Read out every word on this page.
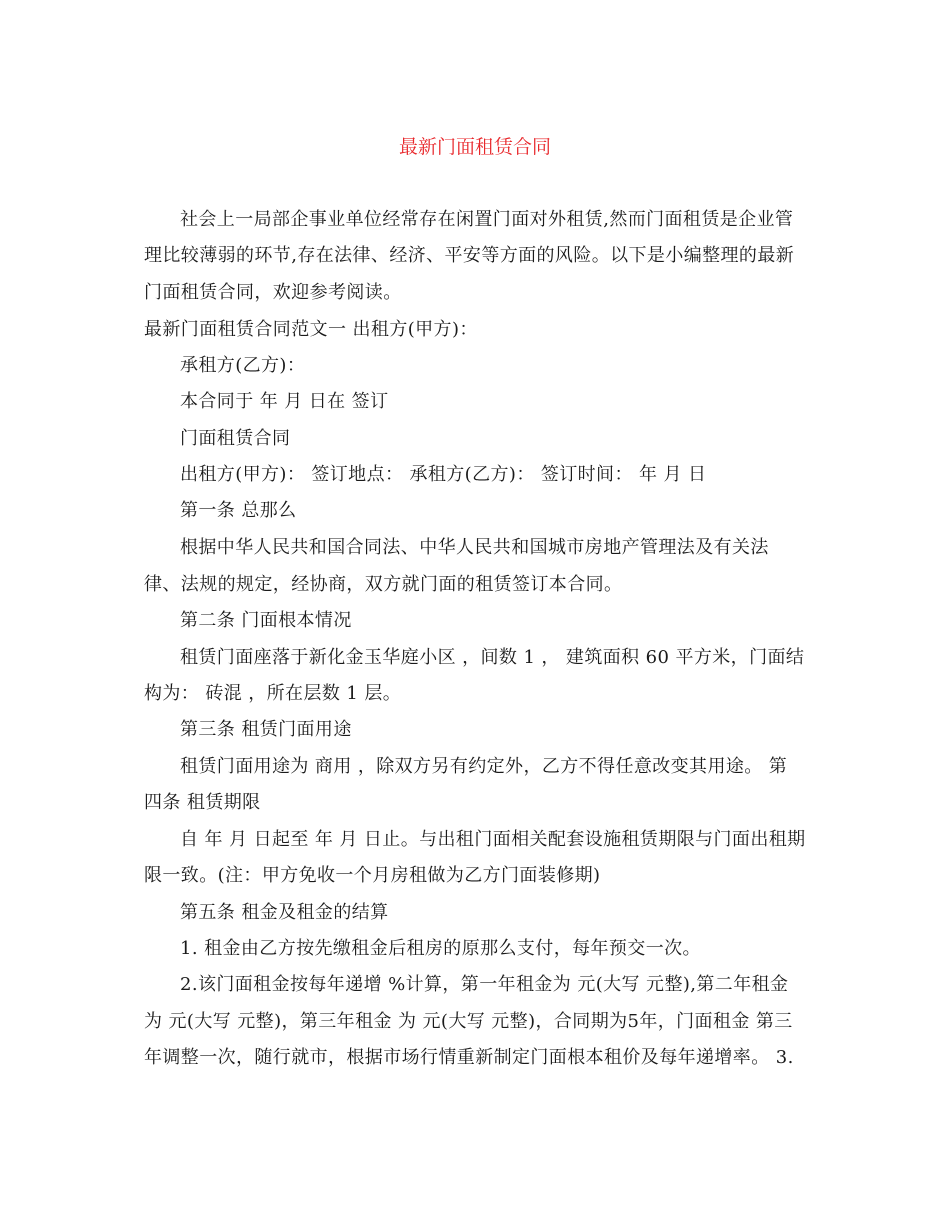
最新门面租赁合同
社会上一局部企事业单位经常存在闲置门面对外租赁,然而门面租赁是企业管
理比较薄弱的环节,存在法律、经济、平安等方面的风险。以下是小编整理的最新
门面租赁合同，欢迎参考阅读。
最新门面租赁合同范文一 出租方(甲方)：
承租方(乙方)：
本合同于 年 月 日在 签订
门面租赁合同
出租方(甲方)： 签订地点： 承租方(乙方)： 签订时间： 年 月 日
第一条 总那么
根据中华人民共和国合同法、中华人民共和国城市房地产管理法及有关法
律、法规的规定，经协商，双方就门面的租赁签订本合同。
第二条 门面根本情况
租赁门面座落于新化金玉华庭小区 ，间数 1 ， 建筑面积 60 平方米，门面结
构为： 砖混 ，所在层数 1 层。
第三条 租赁门面用途
租赁门面用途为 商用 ，除双方另有约定外，乙方不得任意改变其用途。 第
四条 租赁期限
自 年 月 日起至 年 月 日止。与出租门面相关配套设施租赁期限与门面出租期
限一致。(注：甲方免收一个月房租做为乙方门面装修期)
第五条 租金及租金的结算
1. 租金由乙方按先缴租金后租房的原那么支付，每年预交一次。
2.该门面租金按每年递增 %计算，第一年租金为 元(大写 元整),第二年租金
为 元(大写 元整)，第三年租金 为 元(大写 元整)，合同期为5年，门面租金 第三
年调整一次，随行就市，根据市场行情重新制定门面根本租价及每年递增率。 3.
